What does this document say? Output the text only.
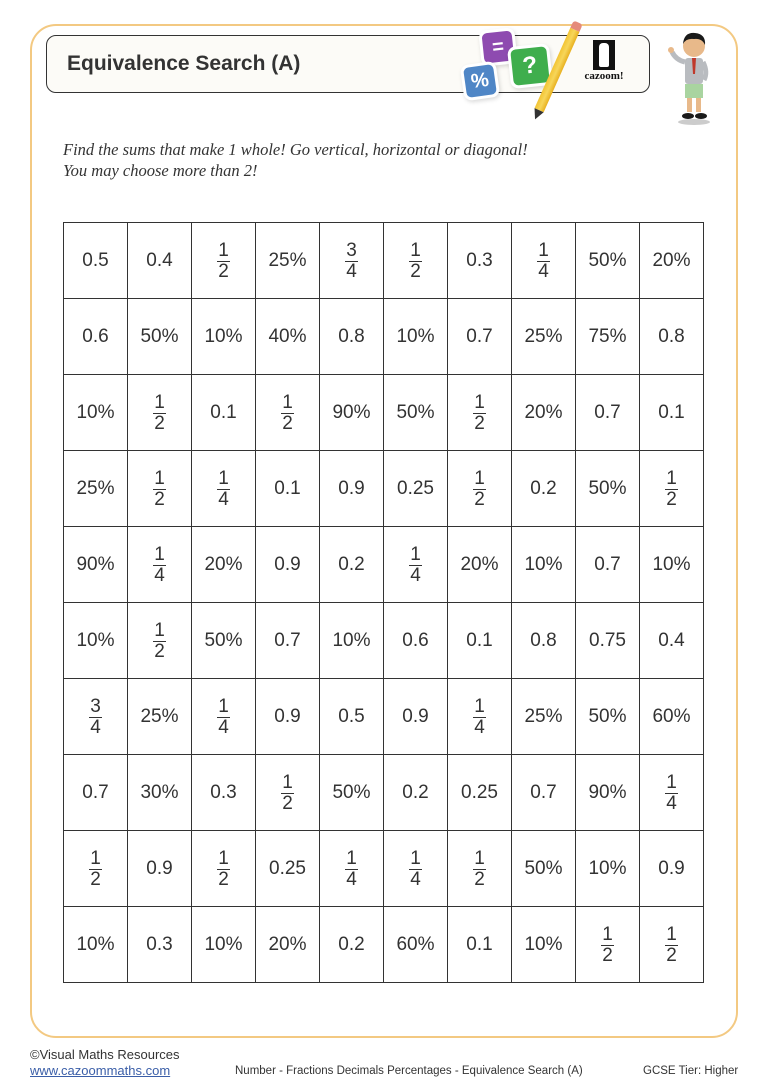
Equivalence Search (A)
=
%
?	cazoom!
Find the sums that make 1 whole! Go vertical, horizontal or diagonal!
You may choose more than 2!
0.5	0.4	$\frac{1}{2}$	25%	$\frac{3}{4}$	$\frac{1}{2}$	0.3	$\frac{1}{4}$	50%	20%
0.6	50%	10%	40%	0.8	10%	0.7	25%	75%	0.8
10%	$\frac{1}{2}$	0.1	$\frac{1}{2}$	90%	50%	$\frac{1}{2}$	20%	0.7	0.1
25%	$\frac{1}{2}$	$\frac{1}{4}$	0.1	0.9	0.25	$\frac{1}{2}$	0.2	50%	$\frac{1}{2}$

90%	$\frac{1}{4}$	20%	0.9	0.2	$\frac{1}{4}$	20%	10%	0.7	10%
10%	$\frac{1}{2}$	50%	0.7	10%	0.6	0.1	0.8	0.75	0.4

$\frac{3}{4}$	25%	$\frac{1}{4}$	0.9	0.5	0.9	$\frac{1}{4}$	25%	50%	60%
0.7	30%	0.3	$\frac{1}{2}$	50%	0.2	0.25	0.7	90%	$\frac{1}{4}$

$\frac{1}{2}$	0.9	$\frac{1}{2}$	0.25	$\frac{1}{4}$	$\frac{1}{4}$	$\frac{1}{2}$	50%	10%	0.9
10%	0.3	10%	20%	0.2	60%	0.1	10%	$\frac{1}{2}$	$\frac{1}{2}$
©Visual Maths Resources
www.cazoommaths.com	Number - Fractions Decimals Percentages - Equivalence Search (A)	GCSE Tier: Higher
